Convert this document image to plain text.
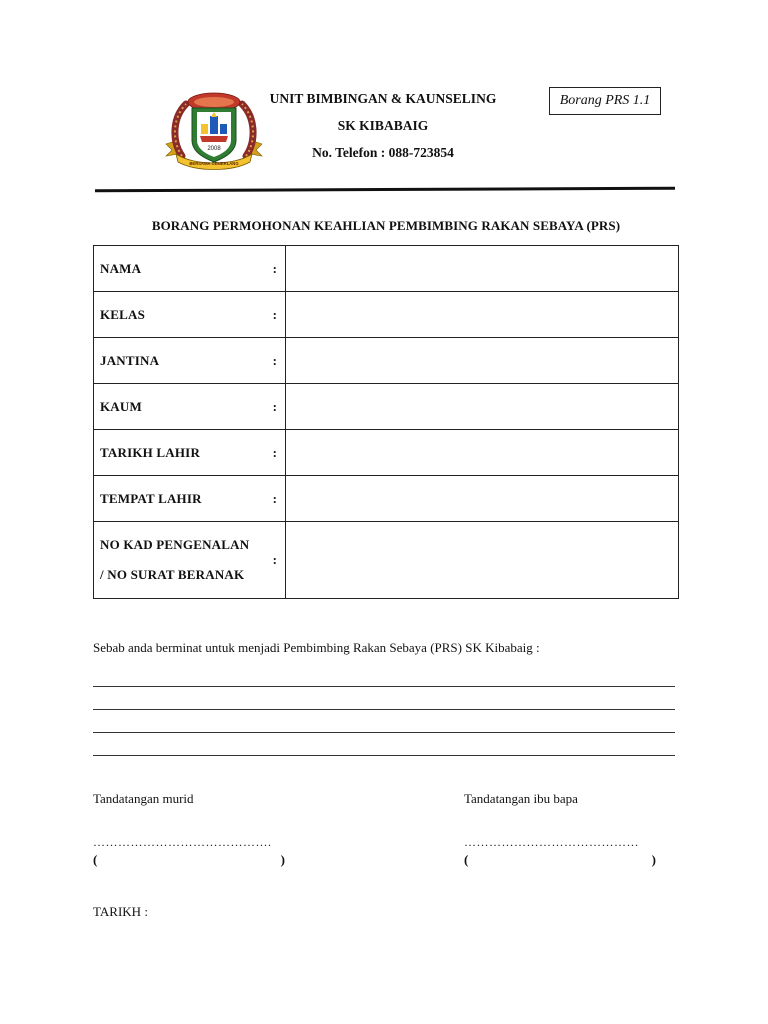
2008
BERSAMA CEMERLANG
UNIT BIMBINGAN & KAUNSELING
SK KIBABAIG
No. Telefon : 088-723854
Borang PRS 1.1
BORANG PERMOHONAN KEAHLIAN PEMBIMBING RAKAN SEBAYA (PRS)
NAMA :	

KELAS :	

JANTINA :	

KAUM :	

TARIKH LAHIR :	

TEMPAT LAHIR :	

NO KAD PENGENALAN
/ NO SURAT BERANAK
:	

Sebab anda berminat untuk menjadi Pembimbing Rakan Sebaya (PRS) SK Kibabaig :
Tandatangan murid	Tandatangan ibu bapa
…………………………………….	……………………………………
(	)	(	)
TARIKH :
